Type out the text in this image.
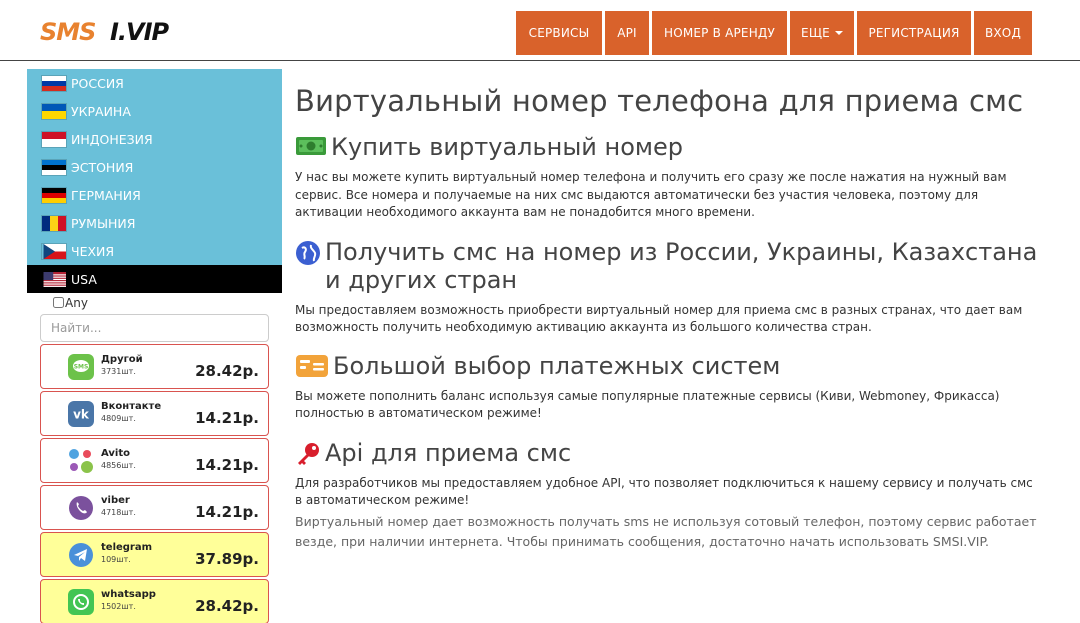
SMS I.VIP	СЕРВИСЫ API НОМЕР В АРЕНДУ ЕЩЕ	РЕГИСТРАЦИЯ ВХОД
РОССИЯ
УКРАИНА
ИНДОНЕЗИЯ
ЭСТОНИЯ
ГЕРМАНИЯ
РУМЫНИЯ
ЧЕХИЯ
USA
Any
Найти...
SMS
Другой
3731шт.	28.42р.
vk
Вконтакте
4809шт.	14.21р.
Avito
4856шт.	14.21р.
viber
4718шт.	14.21р.
telegram
109шт.	37.89р.
whatsapp
1502шт.	28.42р.
Виртуальный номер телефона для приема смс
Купить виртуальный номер

У нас вы можете купить виртуальный номер телефона и получить его сразу же после нажатия на нужный вам сервис. Все номера и получаемые на них смс выдаются автоматически без участия человека, поэтому для активации необходимого аккаунта вам не понадобится много времени.

Получить смс на номер из России, Украины, Казахстана и других стран

Мы предоставляем возможность приобрести виртуальный номер для приема смс в разных странах, что дает вам возможность получить необходимую активацию аккаунта из большого количества стран.

Большой выбор платежных систем

Вы можете пополнить баланс используя самые популярные платежные сервисы (Киви, Webmoney, Фрикасса) полностью в автоматическом режиме!

Api для приема смс

Для разработчиков мы предоставляем удобное API, что позволяет подключиться к нашему сервису и получать смс в автоматическом режиме!

Виртуальный номер дает возможность получать sms не используя сотовый телефон, поэтому сервис работает везде, при наличии интернета. Чтобы принимать сообщения, достаточно начать использовать SMSI.VIP.
